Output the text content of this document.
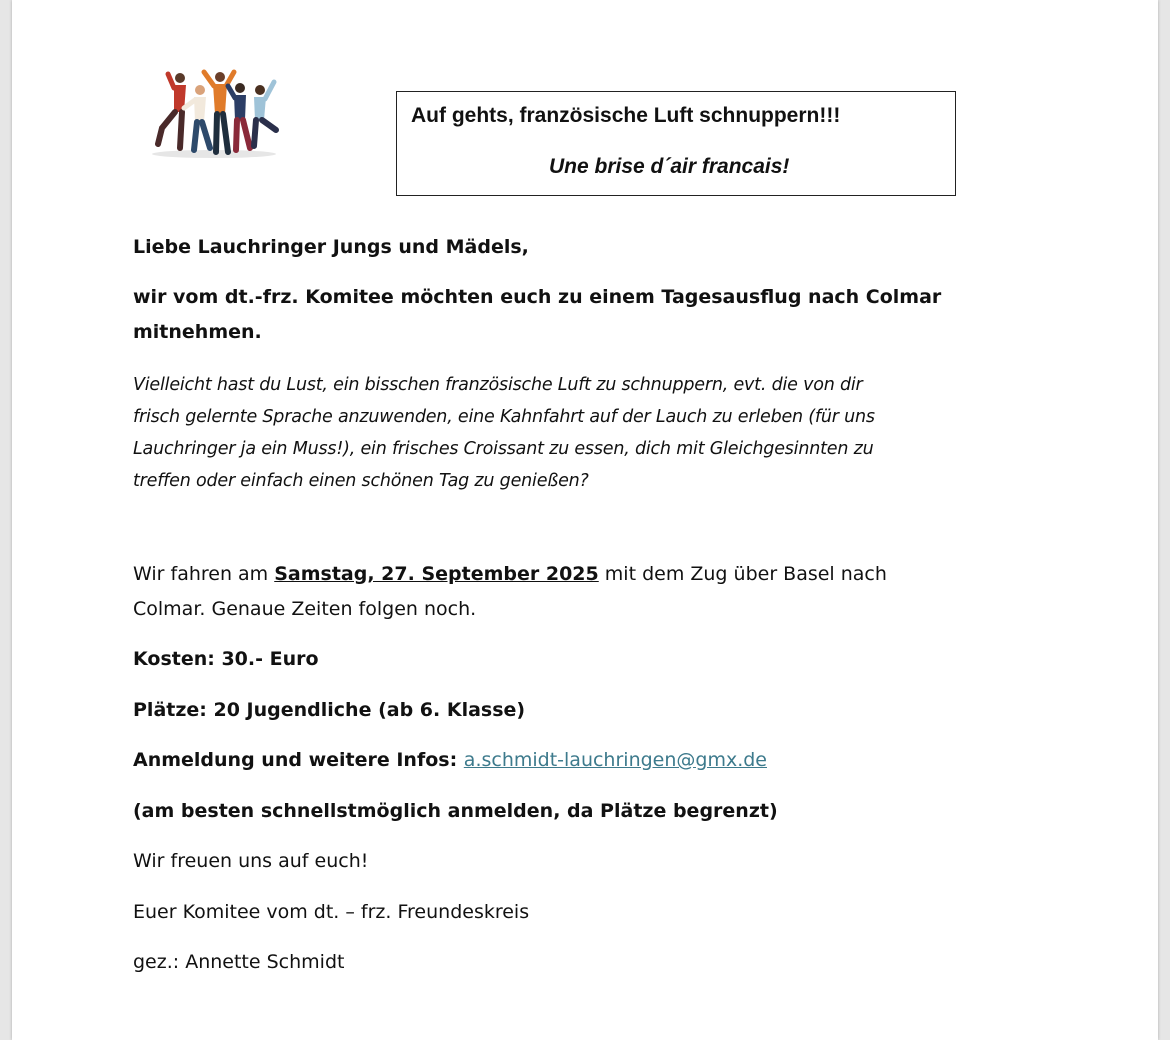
Auf gehts, französische Luft schnuppern!!!
Une brise d´air francais!
Liebe Lauchringer Jungs und Mädels,
wir vom dt.-frz. Komitee möchten euch zu einem Tagesausflug nach Colmar
mitnehmen.
Vielleicht hast du Lust, ein bisschen französische Luft zu schnuppern, evt. die von dir
frisch gelernte Sprache anzuwenden, eine Kahnfahrt auf der Lauch zu erleben (für uns
Lauchringer ja ein Muss!), ein frisches Croissant zu essen, dich mit Gleichgesinnten zu
treffen oder einfach einen schönen Tag zu genießen?
Wir fahren am Samstag, 27. September 2025 mit dem Zug über Basel nach
Colmar. Genaue Zeiten folgen noch.
Kosten: 30.- Euro
Plätze: 20 Jugendliche (ab 6. Klasse)
Anmeldung und weitere Infos: a.schmidt-lauchringen@gmx.de
(am besten schnellstmöglich anmelden, da Plätze begrenzt)
Wir freuen uns auf euch!
Euer Komitee vom dt. – frz. Freundeskreis
gez.: Annette Schmidt
